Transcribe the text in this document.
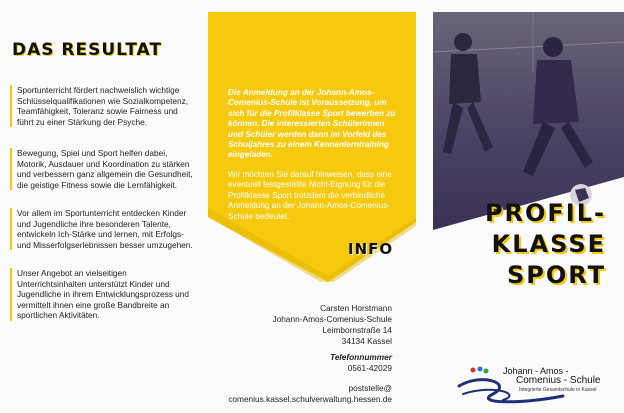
DAS RESULTAT
Sportunterricht fördert nachweislich wichtige Schlüsselqualifikationen wie Sozialkompetenz, Teamfähigkeit, Toleranz sowie Fairness und führt zu einer Stärkung der Psyche.
Bewegung, Spiel und Sport helfen dabei, Motorik, Ausdauer und Koordination zu stärken und verbessern ganz allgemein die Gesundheit, die geistige Fitness sowie die Lernfähigkeit.
Vor allem im Sportunterricht entdecken Kinder und Jugendliche ihre besonderen Talente, entwickeln Ich-Stärke und lernen, mit Erfolgs- und Misserfolgserlebnissen besser umzugehen.
Unser Angebot an vielseitigen Unterrichtsinhalten unterstützt Kinder und Jugendliche in ihrem Entwicklungsprozess und vermittelt ihnen eine große Bandbreite an sportlichen Aktivitäten.
Die Anmeldung an der Johann-Amos-Comenius-Schule ist Voraussetzung, um sich für die Profilklasse Sport bewerben zu können. Die interessierten Schülerinnen und Schüler werden dann im Vorfeld des Schuljahres zu einem Kennenlerntraining eingeladen.
Wir möchten Sie darauf hinweisen, dass eine eventuell festgestellte Nicht-Eignung für die Profilklasse Sport trotzdem die verbindliche Anmeldung an der Johann-Amos-Comenius-Schule bedeutet.
INFO
Carsten Horstmann
Johann-Amos-Comenius-Schule
Leimbornstraße 14
34134 Kassel
Telefonnummer
0561-42029
poststelle@
comenius.kassel.schulverwaltung.hessen.de
PROFIL-
KLASSE
SPORT
Johann - Amos -
Comenius - Schule
Integrierte Gesamtschule in Kassel
